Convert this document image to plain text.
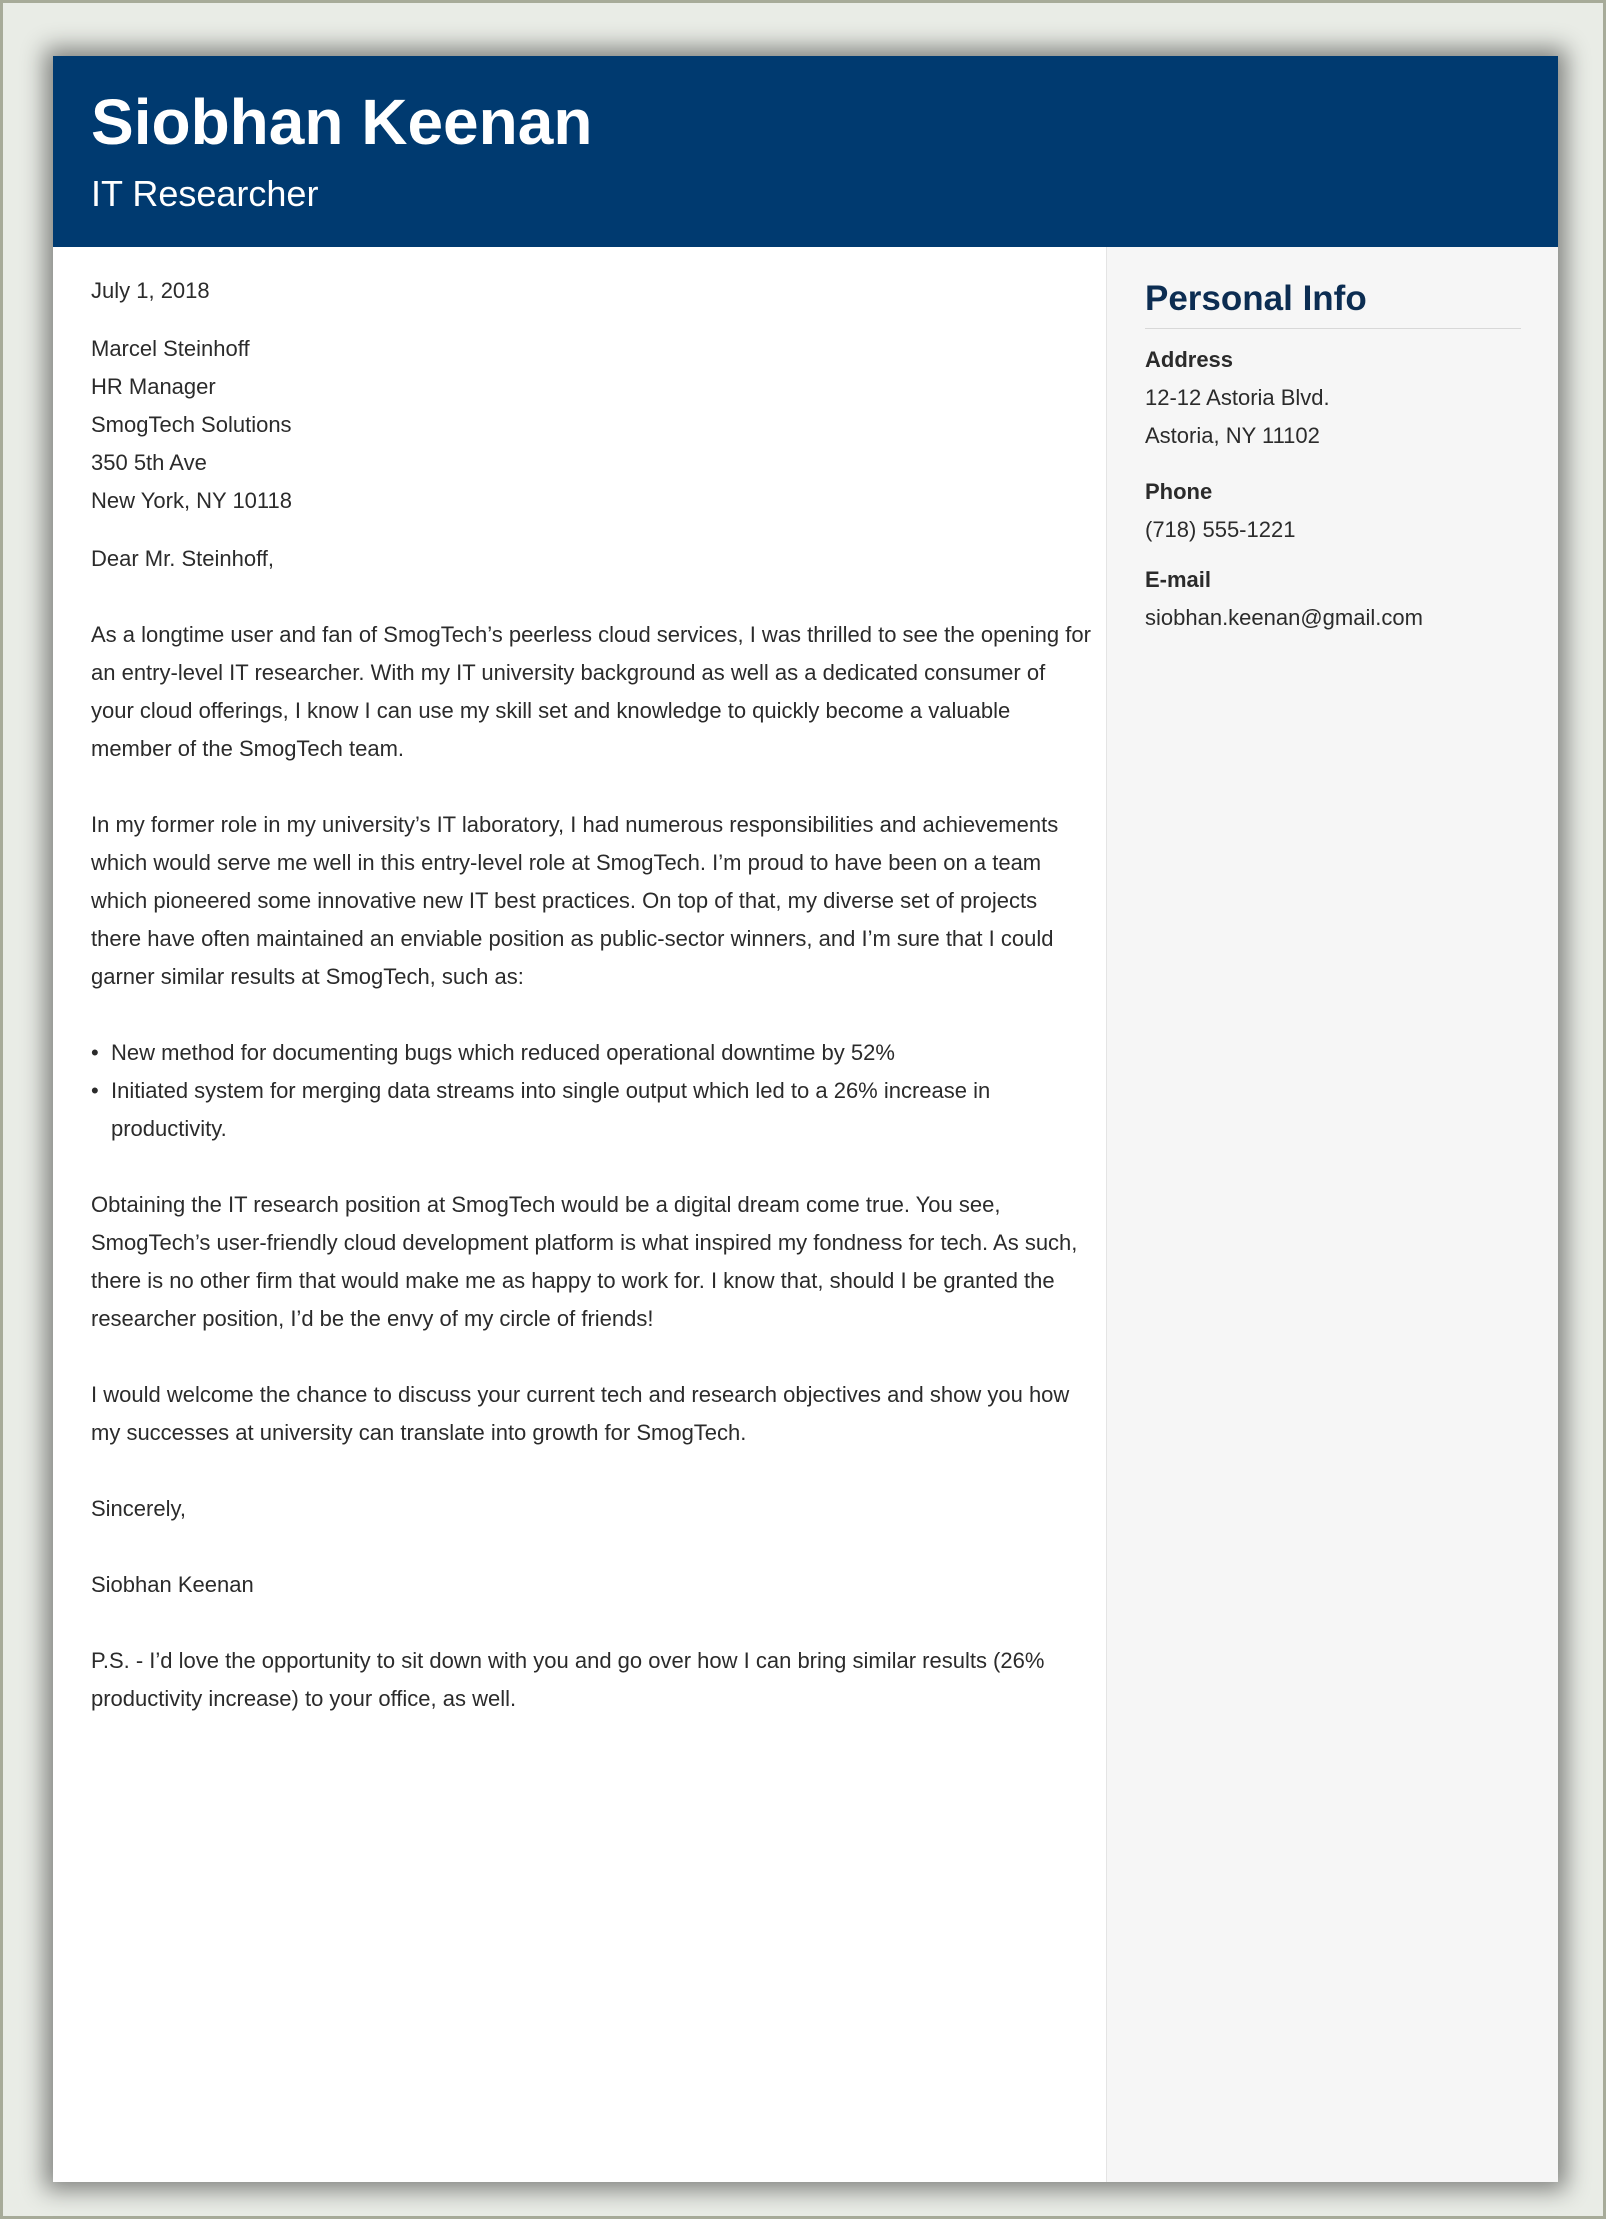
Siobhan Keenan
IT Researcher

July 1, 2018

Marcel Steinhoff

HR Manager

SmogTech Solutions

350 5th Ave

New York, NY 10118

Dear Mr. Steinhoff,

As a longtime user and fan of SmogTech’s peerless cloud services, I was thrilled to see the opening for an entry-level IT researcher. With my IT university background as well as a dedicated consumer of your cloud offerings, I know I can use my skill set and knowledge to quickly become a valuable member of the SmogTech team.

In my former role in my university’s IT laboratory, I had numerous responsibilities and achievements which would serve me well in this entry-level role at SmogTech. I’m proud to have been on a team which pioneered some innovative new IT best practices. On top of that, my diverse set of projects there have often maintained an enviable position as public-sector winners, and I’m sure that I could garner similar results at SmogTech, such as:

• New method for documenting bugs which reduced operational downtime by 52%
• Initiated system for merging data streams into single output which led to a 26% increase in productivity.

Obtaining the IT research position at SmogTech would be a digital dream come true. You see, SmogTech’s user-friendly cloud development platform is what inspired my fondness for tech. As such, there is no other firm that would make me as happy to work for. I know that, should I be granted the researcher position, I’d be the envy of my circle of friends!

I would welcome the chance to discuss your current tech and research objectives and show you how my successes at university can translate into growth for SmogTech.

Sincerely,

Siobhan Keenan

P.S. - I’d love the opportunity to sit down with you and go over how I can bring similar results (26% productivity increase) to your office, as well.

Personal Info
Address
12-12 Astoria Blvd.
Astoria, NY 11102
Phone
(718) 555-1221
E-mail
siobhan.keenan@gmail.com
